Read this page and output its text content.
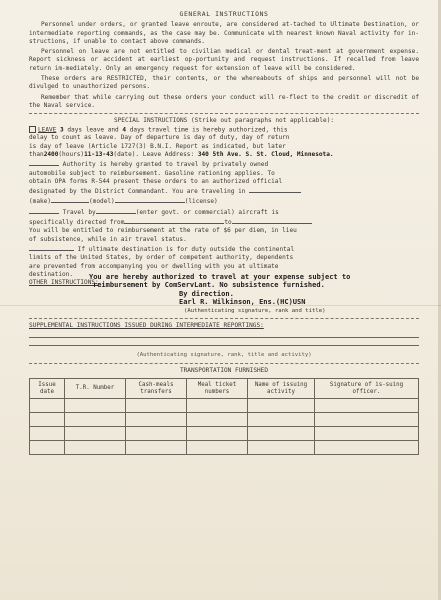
GENERAL INSTRUCTIONS

Personnel under orders, or granted leave enroute, are considered at-tached to Ultimate Destination, or intermediate reporting commands, as the case may be. Communicate with nearest known Naval activity for in-structions, if unable to contact above commands.

Personnel on leave are not entitled to civilian medical or dental treat-ment at government expense. Report sickness or accident at earliest op-portunity and request instructions. If recalled from leave return im-mediately. Only an emergency request for extension of leave will be considered.

These orders are RESTRICTED, their contents, or the whereabouts of ships and personnel will not be divulged to unauthorized persons.

Remember that while carrying out these orders your conduct will re-flect to the credit or discredit of the Naval service.

SPECIAL INSTRUCTIONS (Strike out paragraphs not applicable):
LEAVE 3 days leave and 4 days travel time is hereby authorized, this
delay to count as leave. Day of departure is day of duty, day of return
is day of leave (Article 1727(3) B.N.I. Report as indicated, but later
than2400(hours)11-13-43(date). Leave Address: 340 5th Ave. S. St. Cloud, Minnesota.
Authority is hereby granted to travel by privately owned
automobile subject to reimbursement. Gasoline rationing applies. To
obtain OPA forms R-544 present these orders to an authorized official
designated by the District Commandant. You are traveling in
(make)	(model)	(license)
Travel by	(enter govt. or commercial) aircraft is
specifically directed from	to
You will be entitled to reimbursement at the rate of $6 per diem, in lieu
of subsistence, while in air travel status.
If ultimate destination is for duty outside the continental
limits of the United States, by order of competent authority, dependents
are prevented from accompanying you or dwelling with you at ultimate
destination.
OTHER INSTRUCTIONS:
You are hereby authorized to travel at your expense subject to
reimbursement by ComServLant. No subsistence furnished.
By direction.
Earl R. Wilkinson, Ens.(HC)USN
(Authenticating signature, rank and title)
SUPPLEMENTAL INSTRUCTIONS ISSUED DURING INTERMEDIATE REPORTINGS:
(Authenticating signature, rank, title and activity)
TRANSPORTATION FURNISHED
Issue date	T.R. Number	Cash-meals transfers	Meal ticket numbers	Name of issuing activity	Signature of is-suing officer.
